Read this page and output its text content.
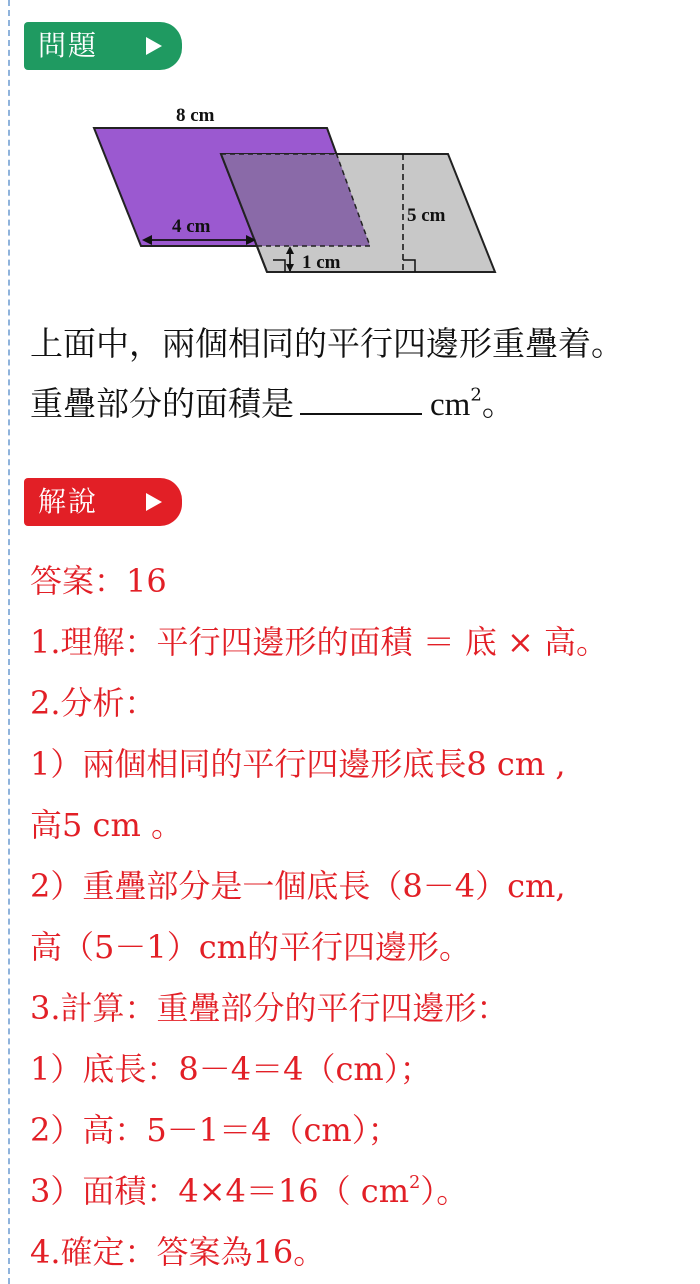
問題
4 cm
8 cm
5 cm
1 cm
上面中，兩個相同的平行四邊形重疊着。
重疊部分的面積是	$cm^2$。
解說
答案：16
1.理解：平行四邊形的面積 ＝ 底 × 高。
2.分析：
1）兩個相同的平行四邊形底長8 cm ,
高5 cm 。
2）重疊部分是一個底長（8－4）cm,
高（5－1）cm的平行四邊形。
3.計算：重疊部分的平行四邊形：
1）底長：8－4＝4（cm）；
2）高：5－1＝4（cm）；
3）面積：4×4＝16（ $cm^2$）。
4.確定：答案為16。
